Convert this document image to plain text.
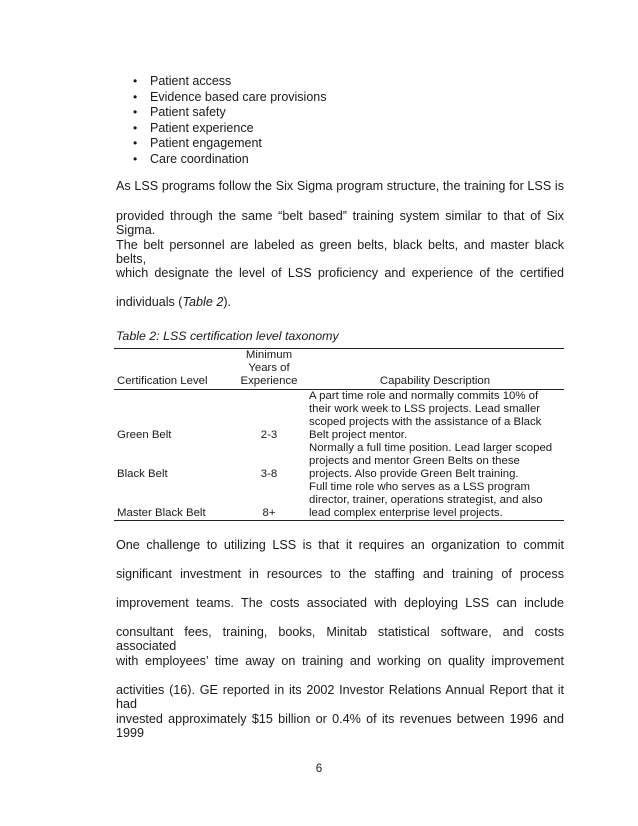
• Patient access
• Evidence based care provisions
• Patient safety
• Patient experience
• Patient engagement
• Care coordination

As LSS programs follow the Six Sigma program structure, the training for LSS is

provided through the same “belt based” training system similar to that of Six Sigma.

The belt personnel are labeled as green belts, black belts, and master black belts,

which designate the level of LSS proficiency and experience of the certified

individuals (Table 2).

Table 2: LSS certification level taxonomy

Certification Level	Minimum
Years of
Experience	Capability Description
Green Belt	2-3	A part time role and normally commits 10% of
their work week to LSS projects. Lead smaller
scoped projects with the assistance of a Black
Belt project mentor.
Black Belt	3-8	Normally a full time position. Lead larger scoped
projects and mentor Green Belts on these
projects. Also provide Green Belt training.
Master Black Belt	8+	Full time role who serves as a LSS program
director, trainer, operations strategist, and also
lead complex enterprise level projects.

One challenge to utilizing LSS is that it requires an organization to commit

significant investment in resources to the staffing and training of process

improvement teams. The costs associated with deploying LSS can include

consultant fees, training, books, Minitab statistical software, and costs associated

with employees’ time away on training and working on quality improvement

activities (16). GE reported in its 2002 Investor Relations Annual Report that it had

invested approximately $15 billion or 0.4% of its revenues between 1996 and 1999

6
